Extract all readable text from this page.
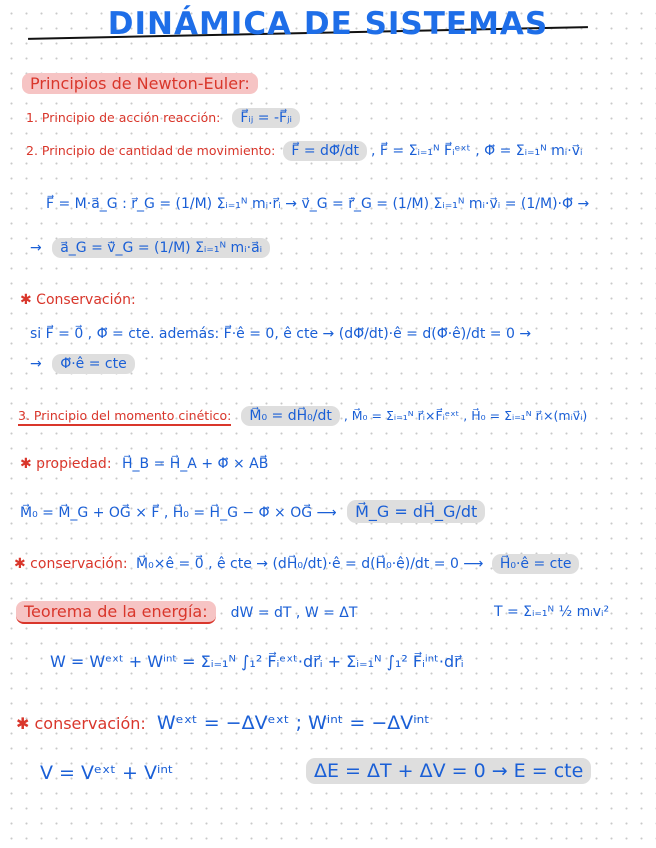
DINÁMICA DE SISTEMAS
Principios de Newton-Euler:
1. Principio de acción reacción: F⃗ᵢⱼ = -F⃗ⱼᵢ
2. Principio de cantidad de movimiento: F⃗ = dΦ⃗/dt , F⃗ = Σᵢ₌₁ᴺ F⃗ᵢᵉˣᵗ , Φ⃗ = Σᵢ₌₁ᴺ mᵢ·v⃗ᵢ
F⃗ = M·a⃗_G : r⃗_G = (1/M) Σᵢ₌₁ᴺ mᵢ·r⃗ᵢ → v⃗_G = r⃗̇_G = (1/M) Σᵢ₌₁ᴺ mᵢ·v⃗ᵢ = (1/M)·Φ⃗ →
→ a⃗_G = v⃗̇_G = (1/M) Σᵢ₌₁ᴺ mᵢ·a⃗ᵢ
✱ Conservación:
si F⃗ = 0⃗ , Φ⃗ = cte. además: F⃗·ê = 0, ê cte → (dΦ⃗/dt)·ê = d(Φ⃗·ê)/dt = 0 →
→ Φ⃗·ê = cte
3. Principio del momento cinético: M⃗₀ = dH⃗₀/dt , M⃗₀ = Σᵢ₌₁ᴺ r⃗ᵢ×F⃗ᵢᵉˣᵗ , H⃗₀ = Σᵢ₌₁ᴺ r⃗ᵢ×(mᵢv⃗ᵢ)
✱ propiedad: H⃗_B = H⃗_A + Φ⃗ × AB⃗
M⃗₀ = M⃗_G + OG⃗ × F⃗ , H⃗₀ = H⃗_G − Φ⃗ × OG⃗ ⟶ M⃗_G = dH⃗_G/dt
✱ conservación: M⃗₀×ê = 0⃗ , ê cte → (dH⃗₀/dt)·ê = d(H⃗₀·ê)/dt = 0 ⟶ H⃗₀·ê = cte
Teorema de la energía: dW = dT , W = ΔT	T = Σᵢ₌₁ᴺ ½ mᵢvᵢ²
W = Wᵉˣᵗ + Wⁱⁿᵗ = Σᵢ₌₁ᴺ ∫₁² F⃗ᵢᵉˣᵗ·dr⃗ᵢ + Σᵢ₌₁ᴺ ∫₁² F⃗ᵢⁱⁿᵗ·dr⃗ᵢ
✱ conservación: Wᵉˣᵗ = −ΔVᵉˣᵗ ; Wⁱⁿᵗ = −ΔVⁱⁿᵗ
V = Vᵉˣᵗ + Vⁱⁿᵗ	ΔE = ΔT + ΔV = 0 → E = cte
